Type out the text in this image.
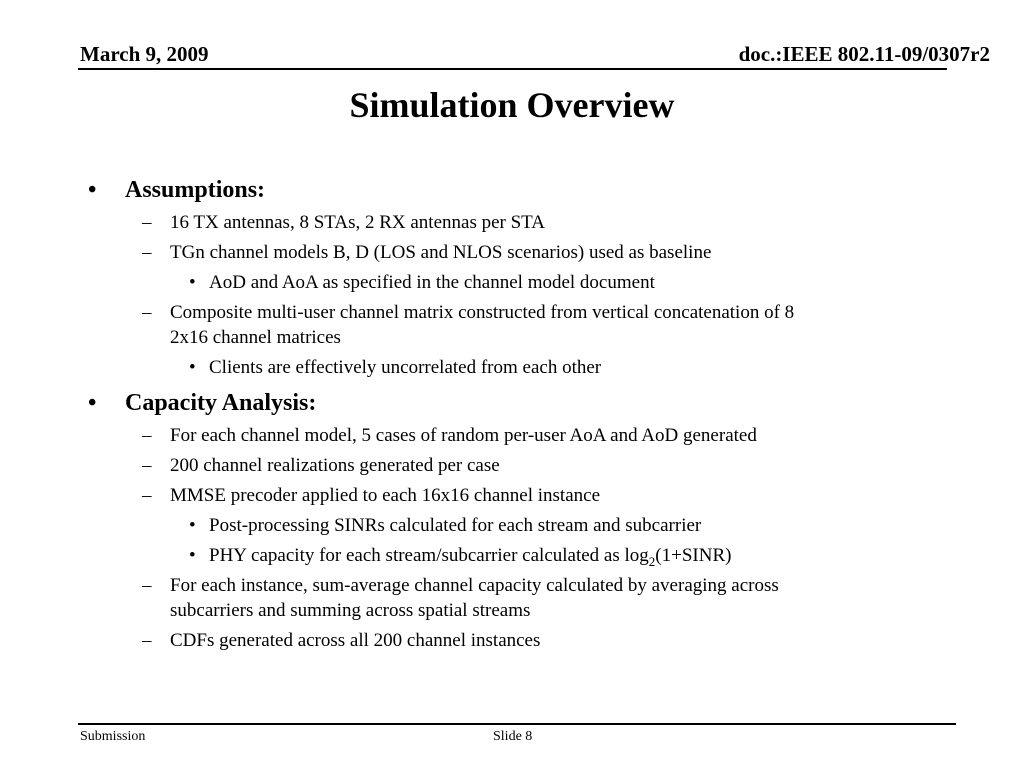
March 9, 2009	doc.:IEEE 802.11-09/0307r2
Simulation Overview
• Assumptions:
– 16 TX antennas, 8 STAs, 2 RX antennas per STA
– TGn channel models B, D (LOS and NLOS scenarios) used as baseline
• AoD and AoA as specified in the channel model document
– Composite multi-user channel matrix constructed from vertical concatenation of 8
2x16 channel matrices
• Clients are effectively uncorrelated from each other
• Capacity Analysis:
– For each channel model, 5 cases of random per-user AoA and AoD generated
– 200 channel realizations generated per case
– MMSE precoder applied to each 16x16 channel instance
• Post-processing SINRs calculated for each stream and subcarrier
• PHY capacity for each stream/subcarrier calculated as $\log_2(1+SINR)$
– For each instance, sum-average channel capacity calculated by averaging across
subcarriers and summing across spatial streams
– CDFs generated across all 200 channel instances
Submission	Slide 8
